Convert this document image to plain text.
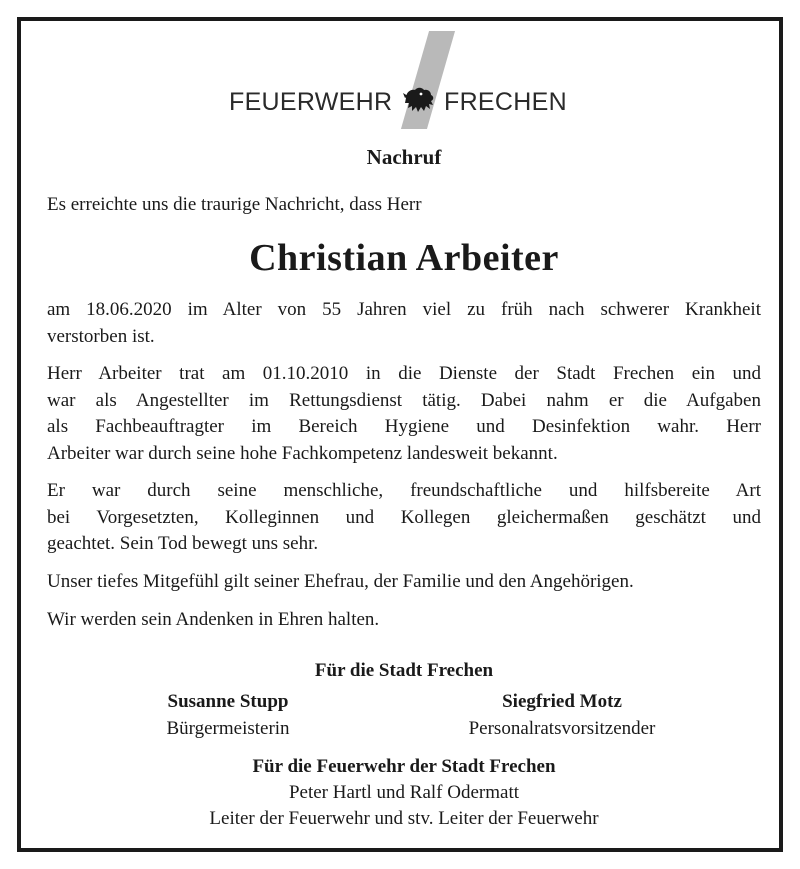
FEUERWEHR FRECHEN
Nachruf
Es erreichte uns die traurige Nachricht, dass Herr
Christian Arbeiter
am 18.06.2020 im Alter von 55 Jahren viel zu früh nach schwerer Krankheit
verstorben ist.
Herr Arbeiter trat am 01.10.2010 in die Dienste der Stadt Frechen ein und
war als Angestellter im Rettungsdienst tätig. Dabei nahm er die Aufgaben
als Fachbeauftragter im Bereich Hygiene und Desinfektion wahr. Herr
Arbeiter war durch seine hohe Fachkompetenz landesweit bekannt.
Er war durch seine menschliche, freundschaftliche und hilfsbereite Art
bei Vorgesetzten, Kolleginnen und Kollegen gleichermaßen geschätzt und
geachtet. Sein Tod bewegt uns sehr.
Unser tiefes Mitgefühl gilt seiner Ehefrau, der Familie und den Angehörigen.
Wir werden sein Andenken in Ehren halten.
Für die Stadt Frechen
Susanne Stupp
Bürgermeisterin
Siegfried Motz
Personalratsvorsitzender
Für die Feuerwehr der Stadt Frechen
Peter Hartl und Ralf Odermatt
Leiter der Feuerwehr und stv. Leiter der Feuerwehr
